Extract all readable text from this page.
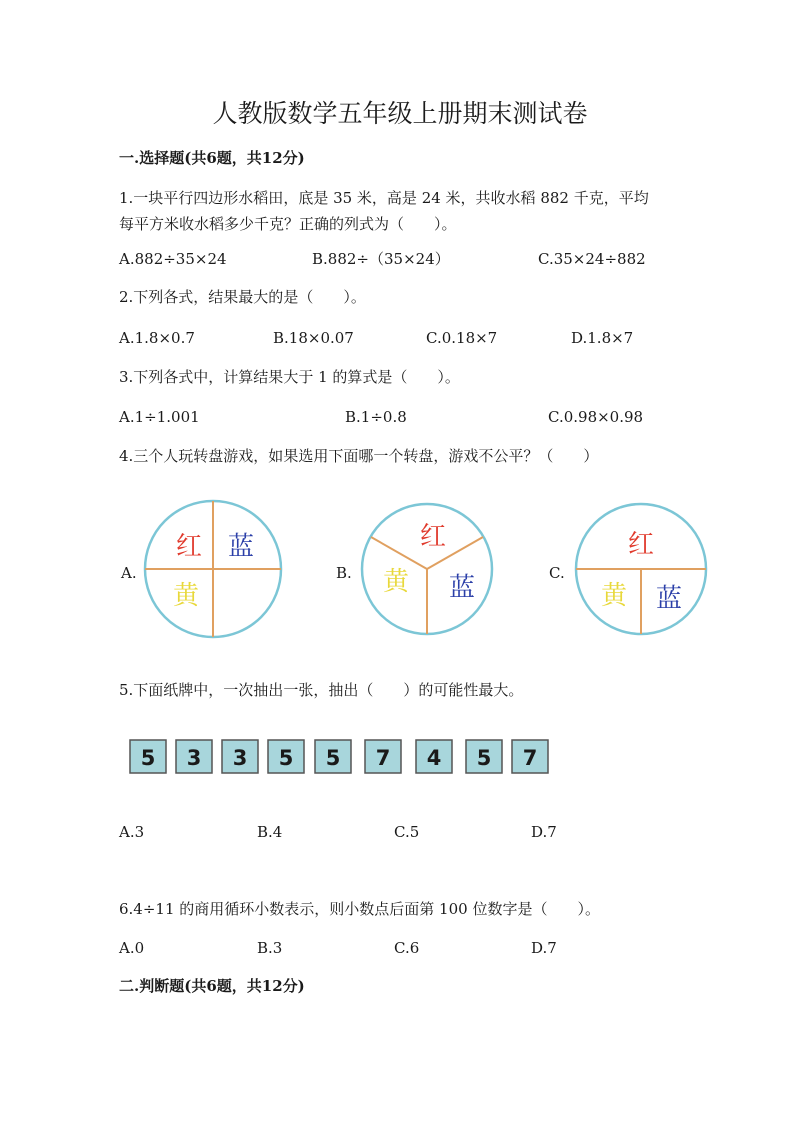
人教版数学五年级上册期末测试卷
一.选择题(共6题，共12分)
1.一块平行四边形水稻田，底是 35 米，高是 24 米，共收水稻 882 千克，平均
每平方米收水稻多少千克？正确的列式为（　　）。
A.882÷35×24	B.882÷（35×24）	C.35×24÷882
2.下列各式，结果最大的是（　　）。
A.1.8×0.7	B.18×0.07	C.0.18×7	D.1.8×7
3.下列各式中，计算结果大于 1 的算式是（　　）。
A.1÷1.001	B.1÷0.8	C.0.98×0.98
4.三个人玩转盘游戏，如果选用下面哪一个转盘，游戏不公平？（　　）
红 蓝
黄
A.
红
黄 蓝
B.
红
黄 蓝
C.
5 3 3 5 5 7 4 5 7
5.下面纸牌中，一次抽出一张，抽出（　　）的可能性最大。
A.3	B.4	C.5	D.7
6.4÷11 的商用循环小数表示，则小数点后面第 100 位数字是（　　）。
A.0	B.3	C.6	D.7
二.判断题(共6题，共12分)
